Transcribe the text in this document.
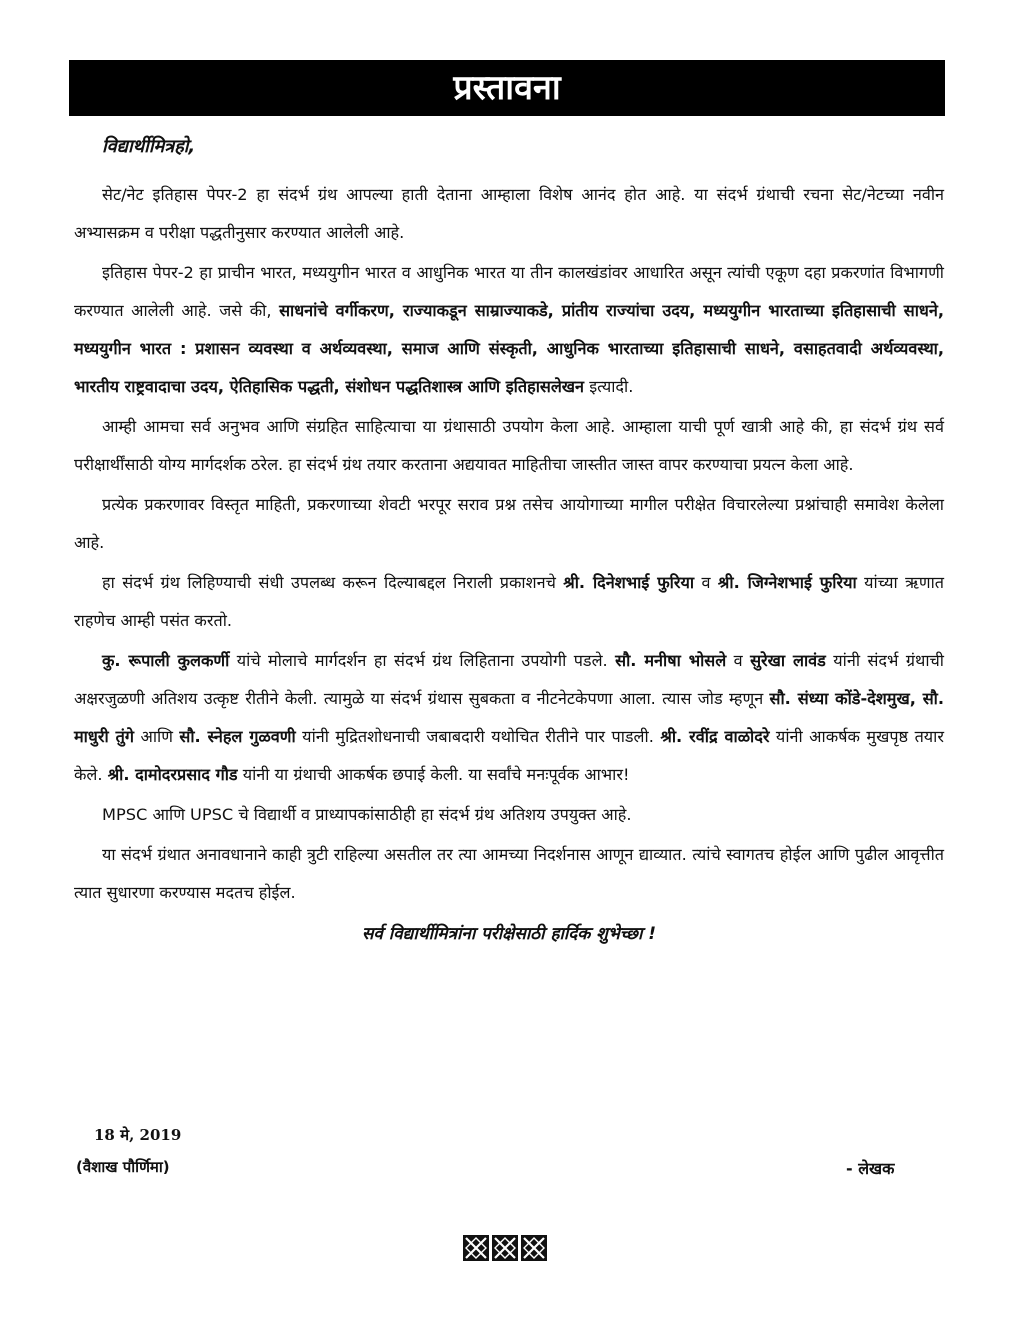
प्रस्तावना
विद्यार्थीमित्रहो,

सेट/नेट इतिहास पेपर-2 हा संदर्भ ग्रंथ आपल्या हाती देताना आम्हाला विशेष आनंद होत आहे. या संदर्भ ग्रंथाची रचना सेट/नेटच्या नवीन अभ्यासक्रम व परीक्षा पद्धतीनुसार करण्यात आलेली आहे.

इतिहास पेपर-2 हा प्राचीन भारत, मध्ययुगीन भारत व आधुनिक भारत या तीन कालखंडांवर आधारित असून त्यांची एकूण दहा प्रकरणांत विभागणी करण्यात आलेली आहे. जसे की, साधनांचे वर्गीकरण, राज्याकडून साम्राज्याकडे, प्रांतीय राज्यांचा उदय, मध्ययुगीन भारताच्या इतिहासाची साधने, मध्ययुगीन भारत : प्रशासन व्यवस्था व अर्थव्यवस्था, समाज आणि संस्कृती, आधुनिक भारताच्या इतिहासाची साधने, वसाहतवादी अर्थव्यवस्था, भारतीय राष्ट्रवादाचा उदय, ऐतिहासिक पद्धती, संशोधन पद्धतिशास्त्र आणि इतिहासलेखन इत्यादी.

आम्ही आमचा सर्व अनुभव आणि संग्रहित साहित्याचा या ग्रंथासाठी उपयोग केला आहे. आम्हाला याची पूर्ण खात्री आहे की, हा संदर्भ ग्रंथ सर्व परीक्षार्थींसाठी योग्य मार्गदर्शक ठरेल. हा संदर्भ ग्रंथ तयार करताना अद्ययावत माहितीचा जास्तीत जास्त वापर करण्याचा प्रयत्न केला आहे.

प्रत्येक प्रकरणावर विस्तृत माहिती, प्रकरणाच्या शेवटी भरपूर सराव प्रश्न तसेच आयोगाच्या मागील परीक्षेत विचारलेल्या प्रश्नांचाही समावेश केलेला आहे.

हा संदर्भ ग्रंथ लिहिण्याची संधी उपलब्ध करून दिल्याबद्दल निराली प्रकाशनचे श्री. दिनेशभाई फुरिया व श्री. जिग्नेशभाई फुरिया यांच्या ऋणात राहणेच आम्ही पसंत करतो.

कु. रूपाली कुलकर्णी यांचे मोलाचे मार्गदर्शन हा संदर्भ ग्रंथ लिहिताना उपयोगी पडले. सौ. मनीषा भोसले व सुरेखा लावंड यांनी संदर्भ ग्रंथाची अक्षरजुळणी अतिशय उत्कृष्ट रीतीने केली. त्यामुळे या संदर्भ ग्रंथास सुबकता व नीटनेटकेपणा आला. त्यास जोड म्हणून सौ. संध्या कोंडे-देशमुख, सौ. माधुरी तुंगे आणि सौ. स्नेहल गुळवणी यांनी मुद्रितशोधनाची जबाबदारी यथोचित रीतीने पार पाडली. श्री. रवींद्र वाळोदरे यांनी आकर्षक मुखपृष्ठ तयार केले. श्री. दामोदरप्रसाद गौड यांनी या ग्रंथाची आकर्षक छपाई केली. या सर्वांचे मनःपूर्वक आभार!

MPSC आणि UPSC चे विद्यार्थी व प्राध्यापकांसाठीही हा संदर्भ ग्रंथ अतिशय उपयुक्त आहे.

या संदर्भ ग्रंथात अनावधानाने काही त्रुटी राहिल्या असतील तर त्या आमच्या निदर्शनास आणून द्याव्यात. त्यांचे स्वागतच होईल आणि पुढील आवृत्तीत त्यात सुधारणा करण्यास मदतच होईल.

सर्व विद्यार्थीमित्रांना परीक्षेसाठी हार्दिक शुभेच्छा !
18 मे, 2019
(वैशाख पौर्णिमा)	- लेखक
